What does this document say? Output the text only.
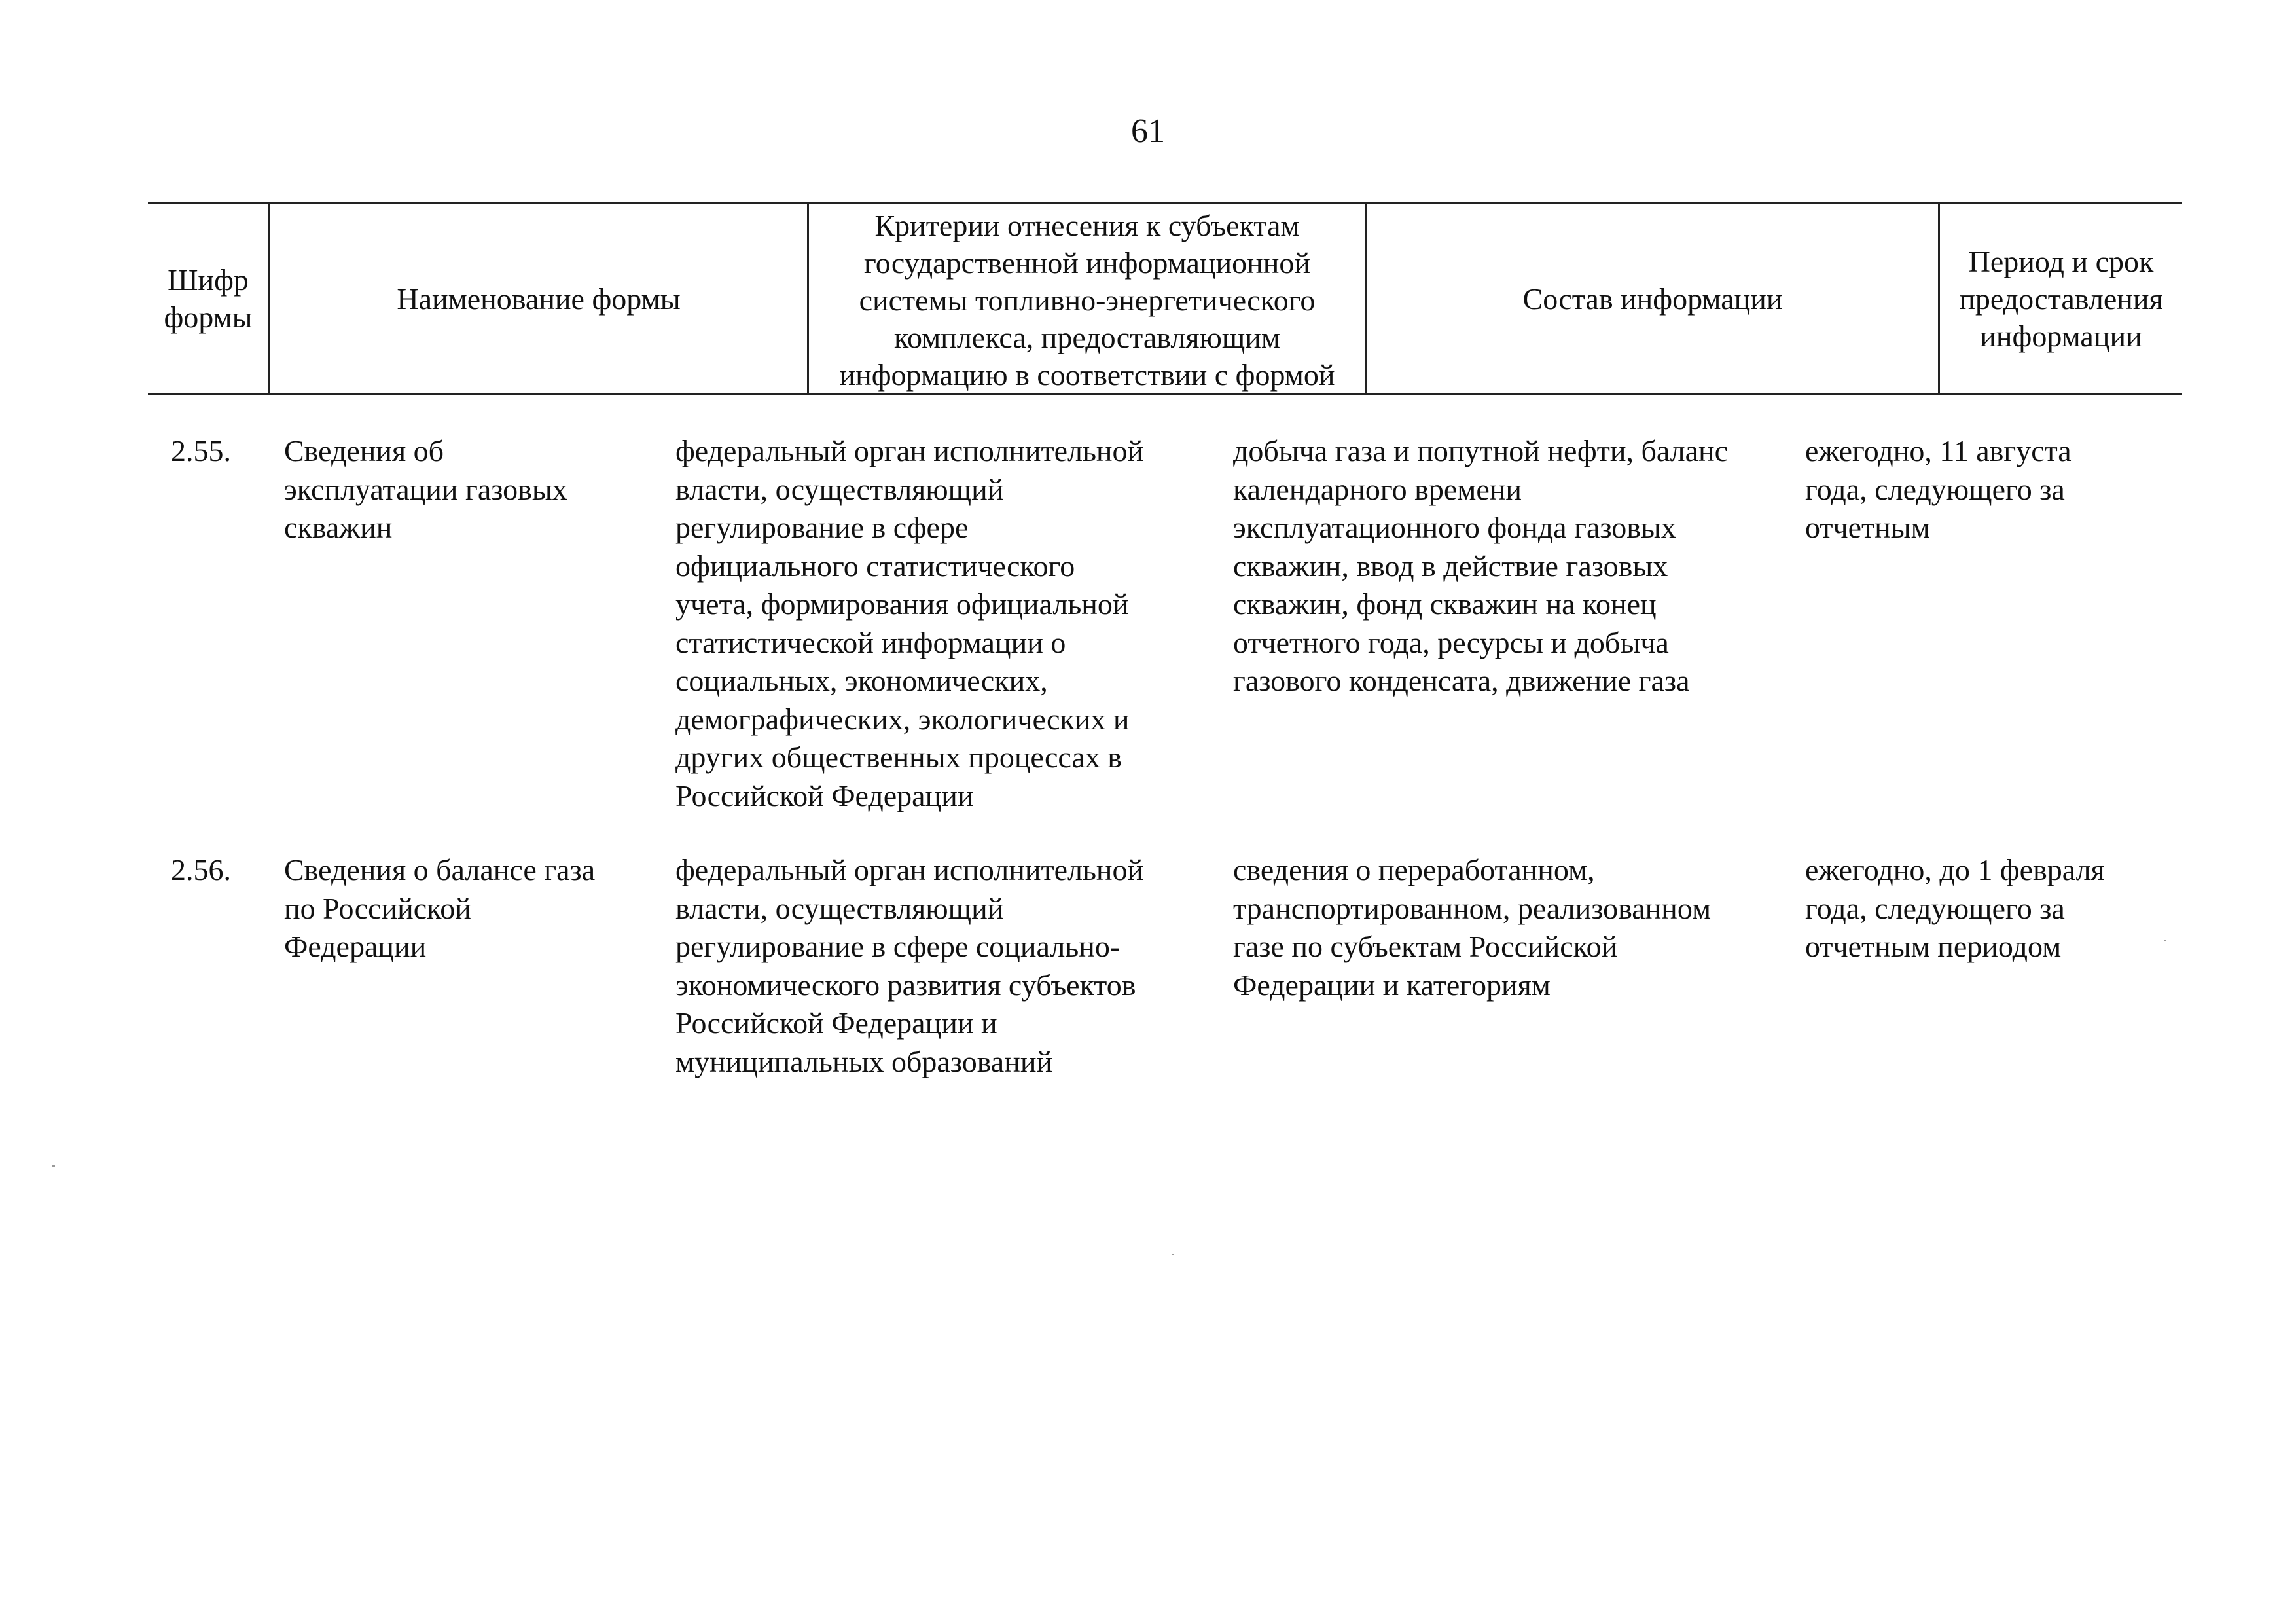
61
Шифр
формы
Наименование формы
Критерии отнесения к субъектам
государственной информационной
системы топливно-энергетического
комплекса, предоставляющим
информацию в соответствии с формой
Состав информации
Период и срок
предоставления
информации
2.55. Сведения об
эксплуатации газовых
скважин
федеральный орган исполнительной
власти, осуществляющий
регулирование в сфере
официального статистического
учета, формирования официальной
статистической информации о
социальных, экономических,
демографических, экологических и
других общественных процессах в
Российской Федерации
добыча газа и попутной нефти, баланс
календарного времени
эксплуатационного фонда газовых
скважин, ввод в действие газовых
скважин, фонд скважин на конец
отчетного года, ресурсы и добыча
газового конденсата, движение газа
ежегодно, 11 августа
года, следующего за
отчетным
2.56. Сведения о балансе газа
по Российской
Федерации
федеральный орган исполнительной
власти, осуществляющий
регулирование в сфере социально-
экономического развития субъектов
Российской Федерации и
муниципальных образований
сведения о переработанном,
транспортированном, реализованном
газе по субъектам Российской
Федерации и категориям
ежегодно, до 1 февраля
года, следующего за
отчетным периодом
